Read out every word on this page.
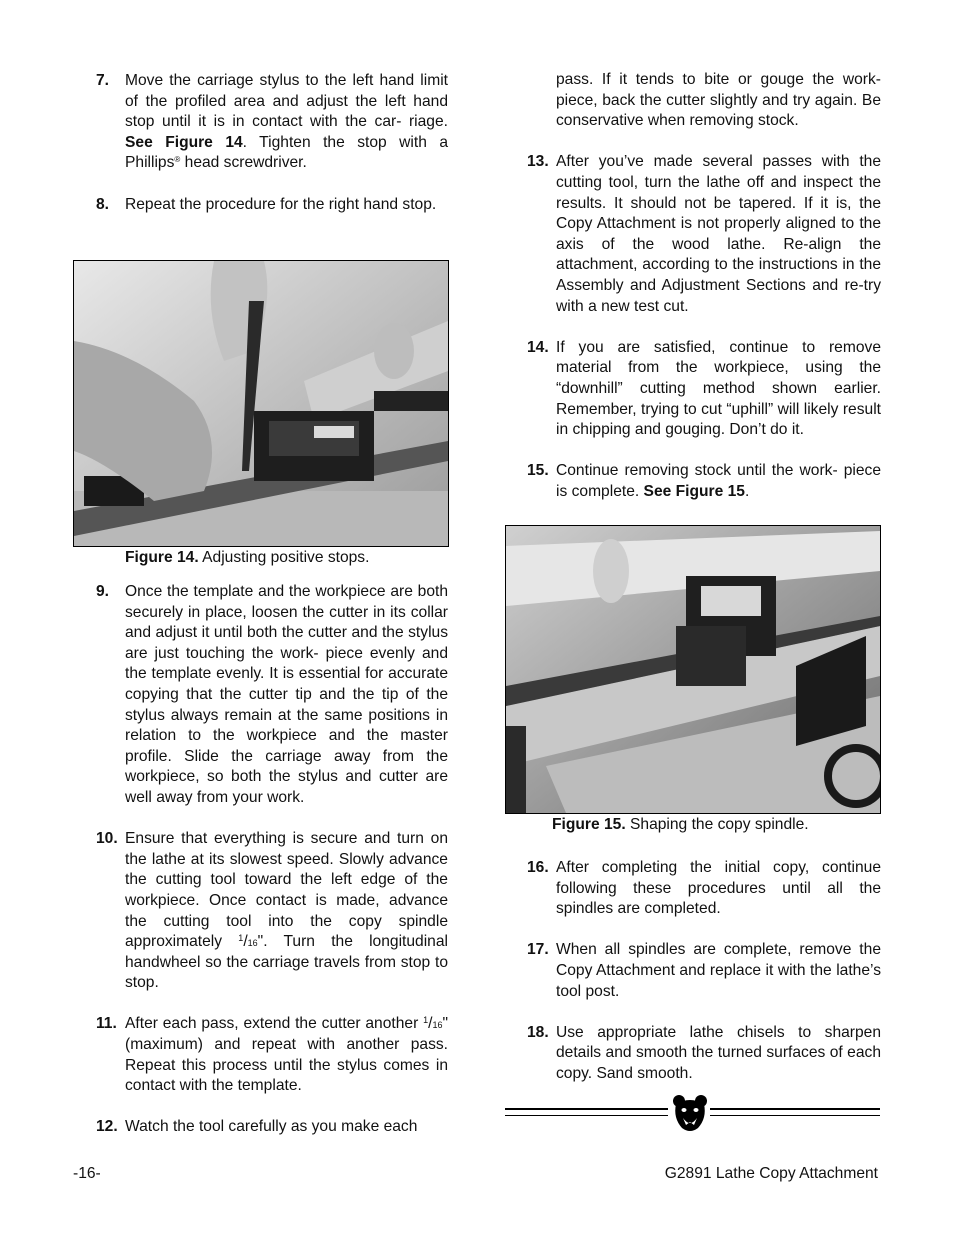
7. Move the carriage stylus to the left hand limit of the profiled area and adjust the left hand stop until it is in contact with the car- riage. See Figure 14. Tighten the stop with a Phillips® head screwdriver.
8. Repeat the procedure for the right hand stop.
Figure 14. Adjusting positive stops.
9. Once the template and the workpiece are both securely in place, loosen the cutter in its collar and adjust it until both the cutter and the stylus are just touching the work- piece evenly and the template evenly. It is essential for accurate copying that the cutter tip and the tip of the stylus always remain at the same positions in relation to the workpiece and the master profile. Slide the carriage away from the workpiece, so both the stylus and cutter are well away from your work.
10. Ensure that everything is secure and turn on the lathe at its slowest speed. Slowly advance the cutting tool toward the left edge of the workpiece. Once contact is made, advance the cutting tool into the copy spindle approximately $^1$/16". Turn the longitudinal handwheel so the carriage travels from stop to stop.
11. After each pass, extend the cutter another $^1$/16" (maximum) and repeat with another pass. Repeat this process until the stylus comes in contact with the template.
12. Watch the tool carefully as you make each
pass. If it tends to bite or gouge the work- piece, back the cutter slightly and try again. Be conservative when removing stock.
13. After you’ve made several passes with the cutting tool, turn the lathe off and inspect the results. It should not be tapered. If it is, the Copy Attachment is not properly aligned to the axis of the wood lathe. Re-align the attachment, according to the instructions in the Assembly and Adjustment Sections and re-try with a new test cut.
14. If you are satisfied, continue to remove material from the workpiece, using the “downhill” cutting method shown earlier. Remember, trying to cut “uphill” will likely result in chipping and gouging. Don’t do it.
15. Continue removing stock until the work- piece is complete. See Figure 15.
Figure 15. Shaping the copy spindle.
16. After completing the initial copy, continue following these procedures until all the spindles are completed.
17. When all spindles are complete, remove the Copy Attachment and replace it with the lathe’s tool post.
18. Use appropriate lathe chisels to sharpen details and smooth the turned surfaces of each copy. Sand smooth.
-16-	G2891 Lathe Copy Attachment
